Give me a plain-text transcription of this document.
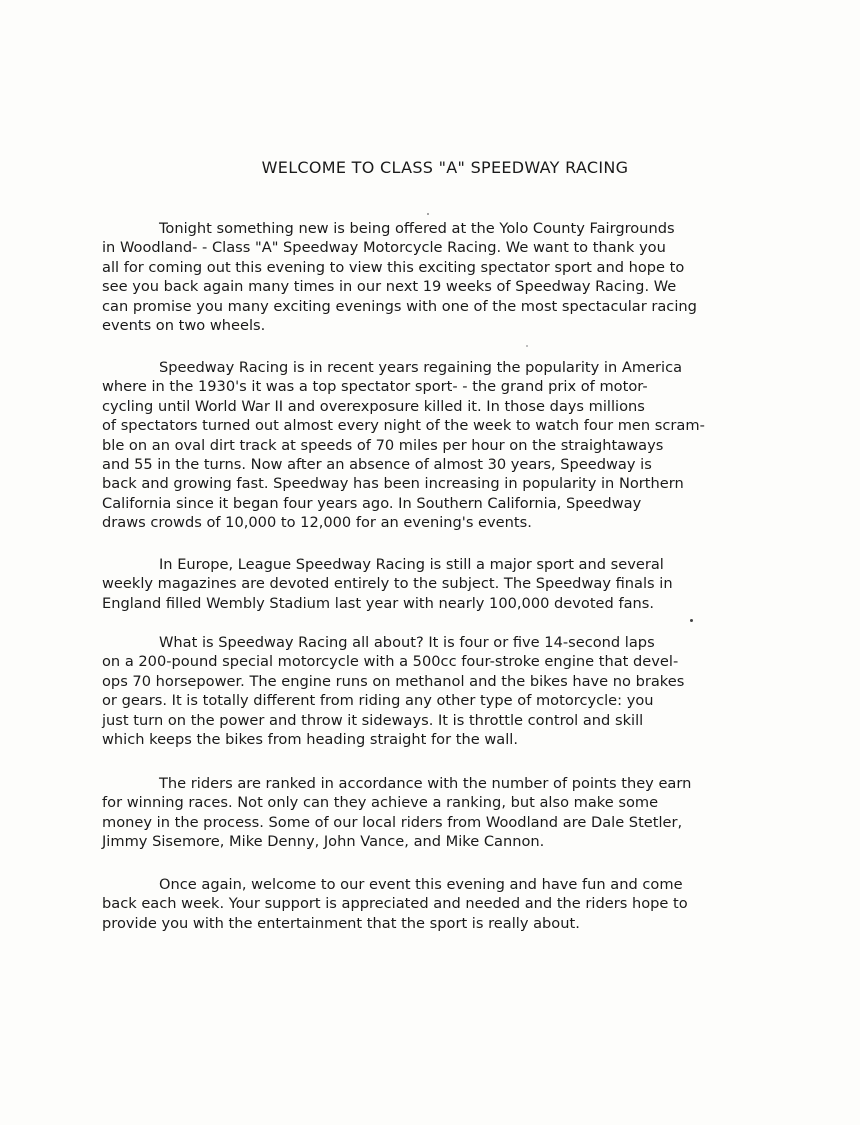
WELCOME TO CLASS "A" SPEEDWAY RACING

Tonight something new is being offered at the Yolo County Fairgrounds
in Woodland- - Class "A" Speedway Motorcycle Racing. We want to thank you
all for coming out this evening to view this exciting spectator sport and hope to
see you back again many times in our next 19 weeks of Speedway Racing. We
can promise you many exciting evenings with one of the most spectacular racing
events on two wheels.

Speedway Racing is in recent years regaining the popularity in America
where in the 1930's it was a top spectator sport- - the grand prix of motor-
cycling until World War II and overexposure killed it. In those days millions
of spectators turned out almost every night of the week to watch four men scram-
ble on an oval dirt track at speeds of 70 miles per hour on the straightaways
and 55 in the turns. Now after an absence of almost 30 years, Speedway is
back and growing fast. Speedway has been increasing in popularity in Northern
California since it began four years ago. In Southern California, Speedway
draws crowds of 10,000 to 12,000 for an evening's events.

In Europe, League Speedway Racing is still a major sport and several
weekly magazines are devoted entirely to the subject. The Speedway finals in
England filled Wembly Stadium last year with nearly 100,000 devoted fans.

What is Speedway Racing all about? It is four or five 14-second laps
on a 200-pound special motorcycle with a 500cc four-stroke engine that devel-
ops 70 horsepower. The engine runs on methanol and the bikes have no brakes
or gears. It is totally different from riding any other type of motorcycle: you
just turn on the power and throw it sideways. It is throttle control and skill
which keeps the bikes from heading straight for the wall.

The riders are ranked in accordance with the number of points they earn
for winning races. Not only can they achieve a ranking, but also make some
money in the process. Some of our local riders from Woodland are Dale Stetler,
Jimmy Sisemore, Mike Denny, John Vance, and Mike Cannon.

Once again, welcome to our event this evening and have fun and come
back each week. Your support is appreciated and needed and the riders hope to
provide you with the entertainment that the sport is really about.
